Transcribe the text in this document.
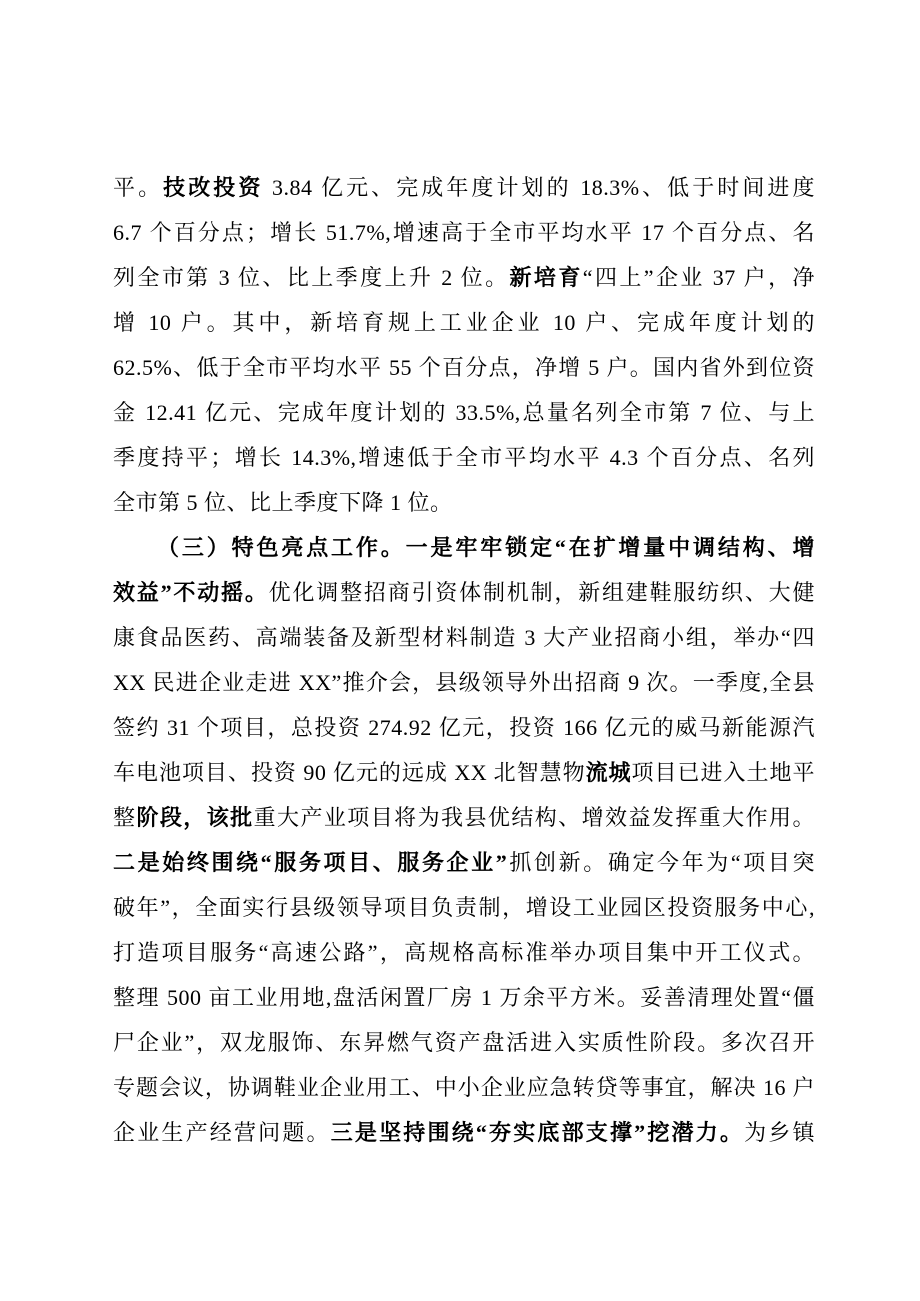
平。技改投资 3.84 亿元、完成年度计划的 18.3%、低于时间进度
6.7 个百分点；增长 51.7%,增速高于全市平均水平 17 个百分点、名
列全市第 3 位、比上季度上升 2 位。新培育“四上”企业 37 户，净
增 10 户。其中，新培育规上工业企业 10 户、完成年度计划的
62.5%、低于全市平均水平 55 个百分点，净增 5 户。国内省外到位资
金 12.41 亿元、完成年度计划的 33.5%,总量名列全市第 7 位、与上
季度持平；增长 14.3%,增速低于全市平均水平 4.3 个百分点、名列
全市第 5 位、比上季度下降 1 位。
（三）特色亮点工作。一是牢牢锁定“在扩增量中调结构、增
效益”不动摇。优化调整招商引资体制机制，新组建鞋服纺织、大健
康食品医药、高端装备及新型材料制造 3 大产业招商小组，举办“四
XX 民进企业走进 XX”推介会，县级领导外出招商 9 次。一季度,全县
签约 31 个项目，总投资 274.92 亿元，投资 166 亿元的威马新能源汽
车电池项目、投资 90 亿元的远成 XX 北智慧物流城项目已进入土地平
整阶段，该批重大产业项目将为我县优结构、增效益发挥重大作用。
二是始终围绕“服务项目、服务企业”抓创新。确定今年为“项目突
破年”，全面实行县级领导项目负责制，增设工业园区投资服务中心,
打造项目服务“高速公路”，高规格高标准举办项目集中开工仪式。
整理 500 亩工业用地,盘活闲置厂房 1 万余平方米。妥善清理处置“僵
尸企业”，双龙服饰、东昇燃气资产盘活进入实质性阶段。多次召开
专题会议，协调鞋业企业用工、中小企业应急转贷等事宜，解决 16 户
企业生产经营问题。三是坚持围绕“夯实底部支撑”挖潜力。为乡镇
